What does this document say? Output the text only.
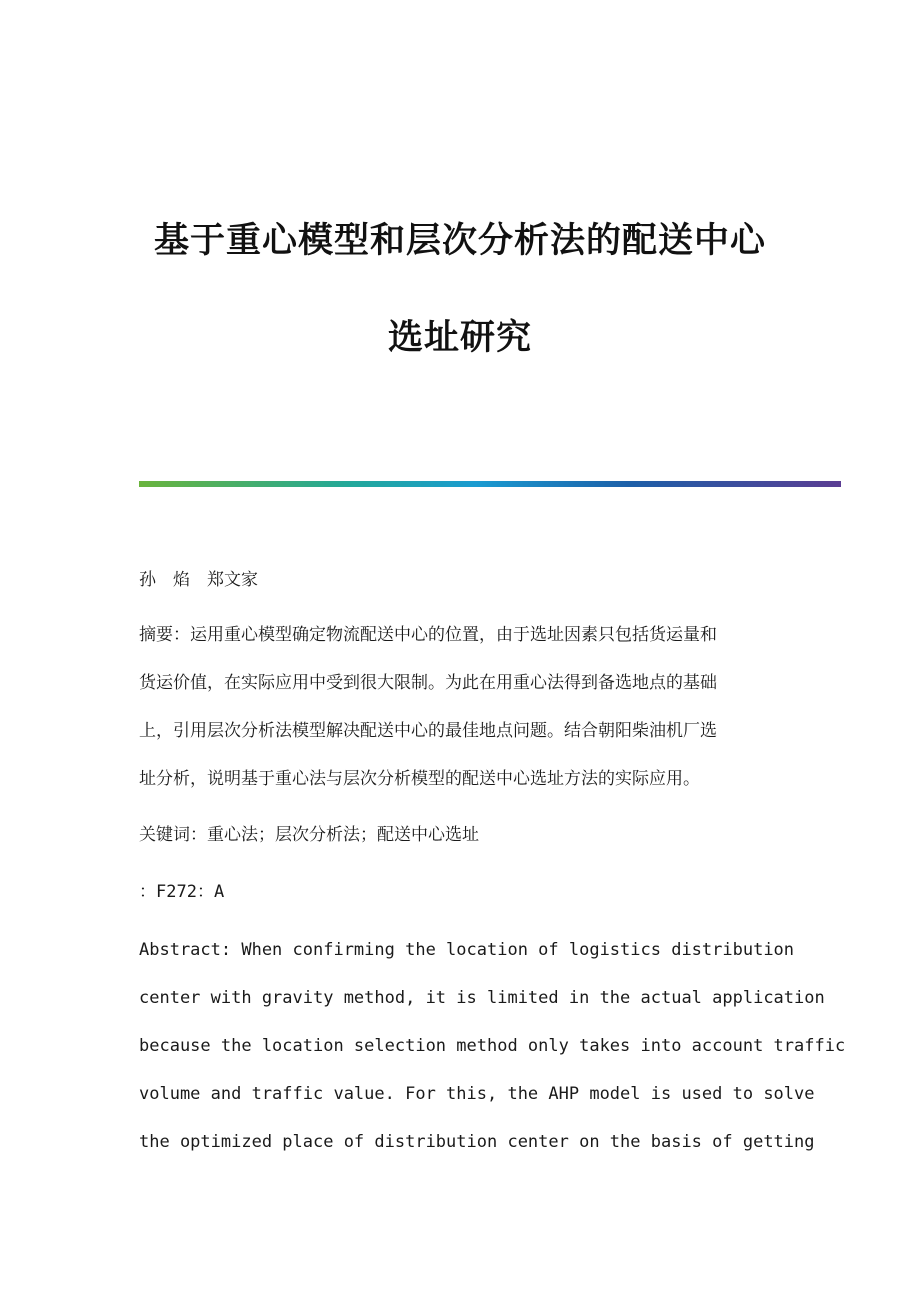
基于重心模型和层次分析法的配送中心
选址研究
孙 焰 郑文家
摘要：运用重心模型确定物流配送中心的位置，由于选址因素只包括货运量和
货运价值，在实际应用中受到很大限制。为此在用重心法得到备选地点的基础
上，引用层次分析法模型解决配送中心的最佳地点问题。结合朝阳柴油机厂选
址分析，说明基于重心法与层次分析模型的配送中心选址方法的实际应用。
关键词：重心法；层次分析法；配送中心选址
：F272：A
Abstract: When confirming the location of logistics distribution
center with gravity method, it is limited in the actual application
because the location selection method only takes into account traffic
volume and traffic value. For this, the AHP model is used to solve
the optimized place of distribution center on the basis of getting
